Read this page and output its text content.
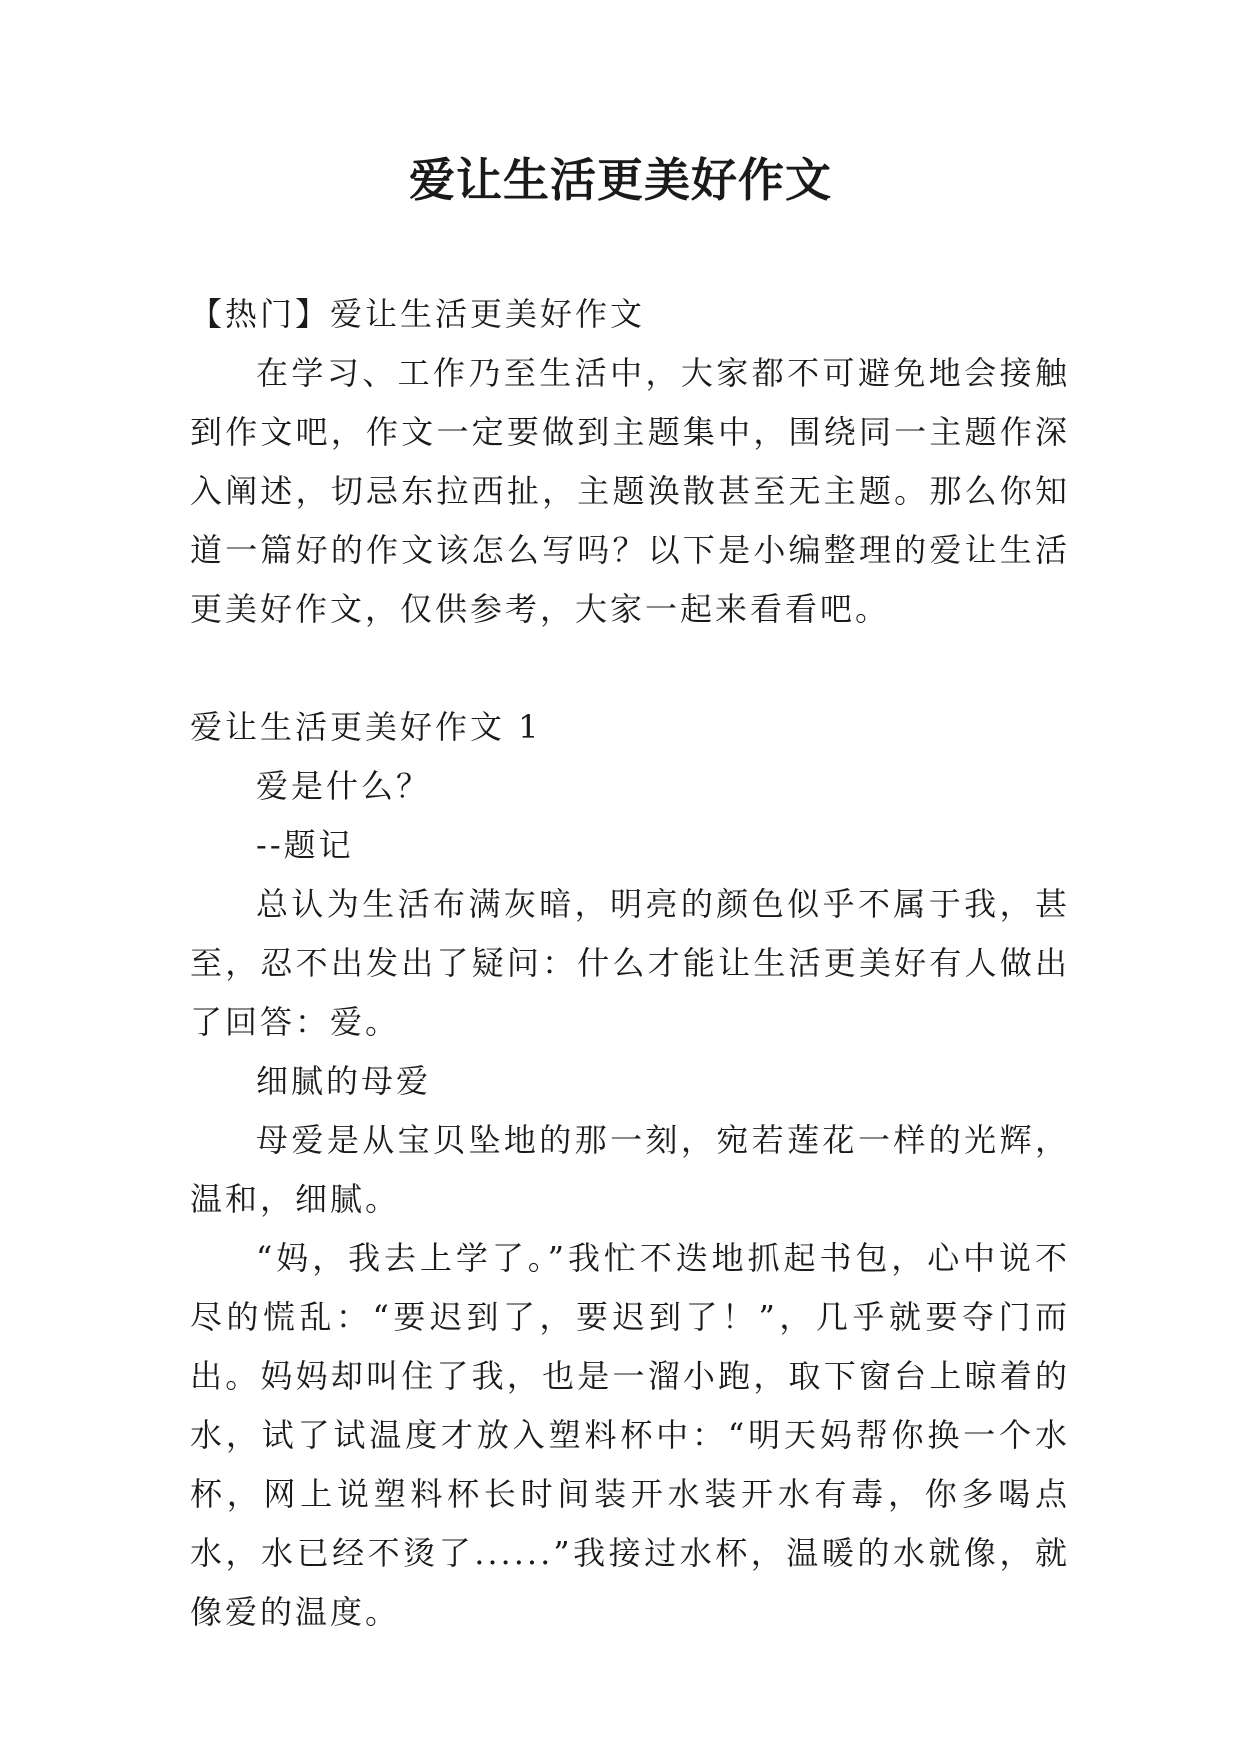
爱让生活更美好作文

【热门】爱让生活更美好作文

在学习、工作乃至生活中，大家都不可避免地会接触到作文吧，作文一定要做到主题集中，围绕同一主题作深入阐述，切忌东拉西扯，主题涣散甚至无主题。那么你知道一篇好的作文该怎么写吗？以下是小编整理的爱让生活更美好作文，仅供参考，大家一起来看看吧。

爱让生活更美好作文 1

爱是什么？

--题记

总认为生活布满灰暗，明亮的颜色似乎不属于我，甚至，忍不出发出了疑问：什么才能让生活更美好有人做出了回答：爱。

细腻的母爱

母爱是从宝贝坠地的那一刻，宛若莲花一样的光辉，温和，细腻。

“妈，我去上学了。”我忙不迭地抓起书包，心中说不尽的慌乱：“要迟到了，要迟到了！”，几乎就要夺门而出。妈妈却叫住了我，也是一溜小跑，取下窗台上晾着的水，试了试温度才放入塑料杯中：“明天妈帮你换一个水杯，网上说塑料杯长时间装开水装开水有毒，你多喝点水，水已经不烫了......”我接过水杯，温暖的水就像，就像爱的温度。
